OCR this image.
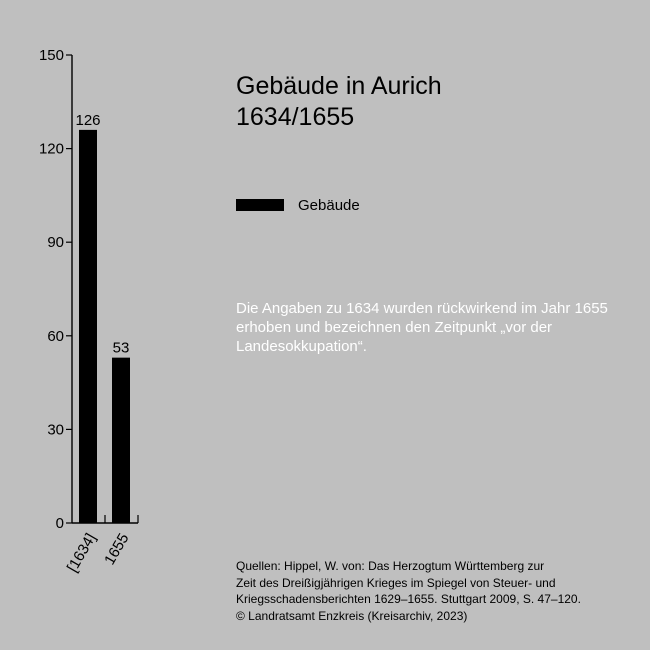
0
30
60
90
120
150
126
53
[1634] 1655
Gebäude in Aurich
1634/1655
Gebäude
Die Angaben zu 1634 wurden rückwirkend im Jahr 1655 erhoben und bezeichnen den Zeitpunkt „vor der Landesokkupation“.
Quellen: Hippel, W. von: Das Herzogtum Württemberg zur
Zeit des Dreißigjährigen Krieges im Spiegel von Steuer- und
Kriegsschadensberichten 1629–1655. Stuttgart 2009, S. 47–120.
© Landratsamt Enzkreis (Kreisarchiv, 2023)
